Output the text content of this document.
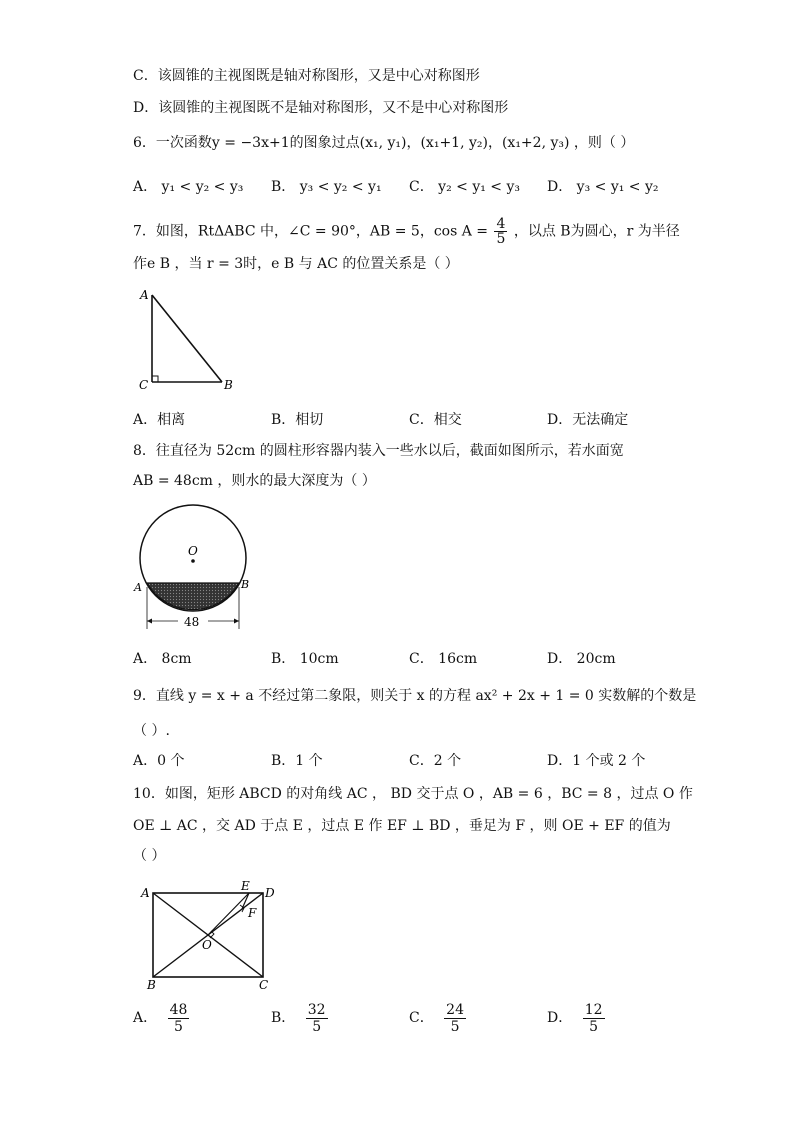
C．该圆锥的主视图既是轴对称图形，又是中心对称图形
D．该圆锥的主视图既不是轴对称图形，又不是中心对称图形
6．一次函数y = −3x+1的图象过点(x₁, y₁)，(x₁+1, y₂)，(x₁+2, y₃) ，则（ ）
A． y₁ < y₂ < y₃ B． y₃ < y₂ < y₁ C． y₂ < y₁ < y₃ D． y₃ < y₁ < y₂
7．如图，RtΔABC 中，∠C = 90°，AB = 5，$\cos A = \frac{4}{5}$ ，以点 B为圆心，r 为半径
作e B ，当 r = 3时，e B 与 AC 的位置关系是（ ）
A
C	B
A．相离	B．相切	C．相交	D．无法确定
8．往直径为 52cm 的圆柱形容器内装入一些水以后，截面如图所示，若水面宽
AB = 48cm ，则水的最大深度为（ ）
O
A	B
48
A． 8cm	B． 10cm	C． 16cm	D． 20cm
9．直线 y = x + a 不经过第二象限，则关于 x 的方程 ax² + 2x + 1 = 0 实数解的个数是
（ ）.
A．0 个	B．1 个	C．2 个	D．1 个或 2 个
10．如图，矩形 ABCD 的对角线 AC ， BD 交于点 O ，AB = 6 ，BC = 8 ，过点 O 作
OE ⊥ AC ，交 AD 于点 E ，过点 E 作 EF ⊥ BD ，垂足为 F ，则 OE + EF 的值为
（ ）
A	E D
F
O
B	C
A． $\frac{48}{5}$	B． $\frac{32}{5}$	C． $\frac{24}{5}$	D． $\frac{12}{5}$
